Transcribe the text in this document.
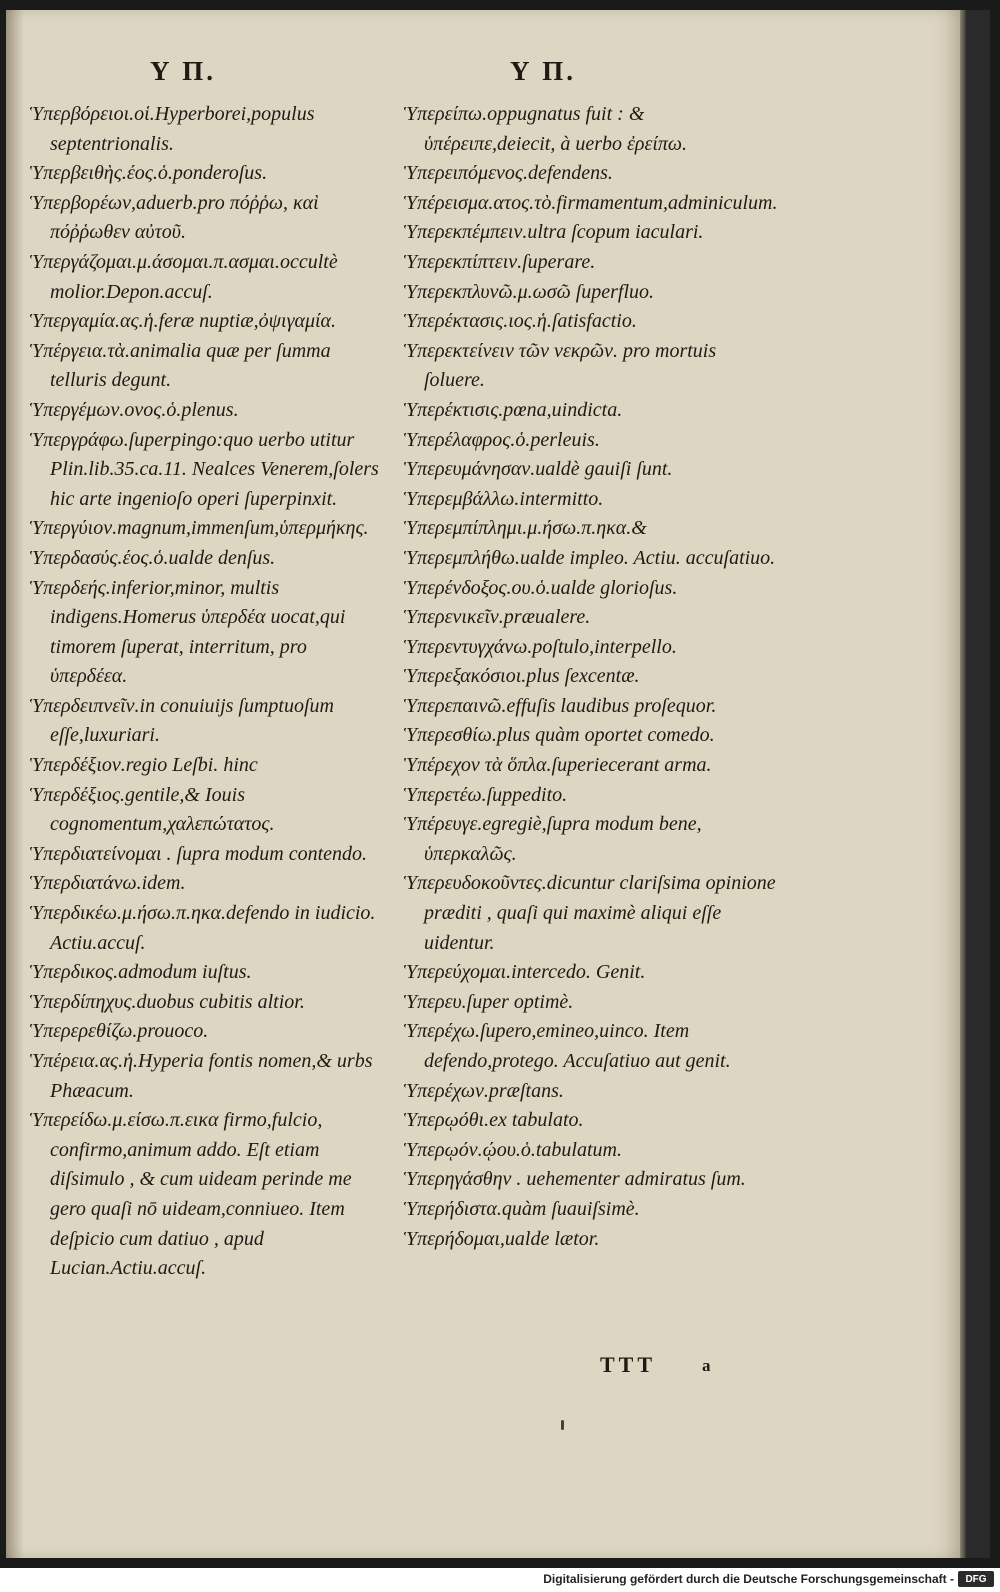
Υ Π.	Υ Π.
Ὑπερβόρειοι.οἱ.Hyperborei,populus septentrionalis.
Ὑπερβειθὴς.έος.ὁ.ponderoſus.
Ὑπερβορέων,aduerb.pro πόῤῥω, καὶ πόῤῥωθεν αὐτοῦ.
Ὑπεργάζομαι.μ.άσομαι.π.ασμαι.occultè molior.Depon.accuſ.
Ὑπεργαμία.ας.ἡ.feræ nuptiæ,ὀψιγαμία.
Ὑπέργεια.τὰ.animalia quæ per ſumma telluris degunt.
Ὑπεργέμων.ονος.ὁ.plenus.
Ὑπεργράφω.ſuperpingo:quo uerbo utitur Plin.lib.35.ca.11. Nealces Venerem,ſolers hic arte ingenioſo operi ſuperpinxit.
Ὑπεργύιον.magnum,immenſum,ὑπερμήκης.
Ὑπερδασύς.έος.ὁ.ualde denſus.
Ὑπερδεής.inferior,minor, multis indigens.Homerus ὑπερδέα uocat,qui timorem ſuperat, interritum, pro ὑπερδέεα.
Ὑπερδειπνεῖν.in conuiuijs ſumptuoſum eſſe,luxuriari.
Ὑπερδέξιον.regio Leſbi. hinc
Ὑπερδέξιος.gentile,& Iouis cognomentum,χαλεπώτατος.
Ὑπερδιατείνομαι . ſupra modum contendo.
Ὑπερδιατάνω.idem.
Ὑπερδικέω.μ.ήσω.π.ηκα.defendo in iudicio. Actiu.accuſ.
Ὑπερδικος.admodum iuſtus.
Ὑπερδίπηχυς.duobus cubitis altior.
Ὑπερερεθίζω.prouoco.
Ὑπέρεια.ας.ἡ.Hyperia fontis nomen,& urbs Phæacum.
Ὑπερείδω.μ.είσω.π.εικα firmo,fulcio, confirmo,animum addo. Eſt etiam diſsimulo , & cum uideam perinde me gero quaſi nō uideam,conniueo. Item deſpicio cum datiuo , apud Lucian.Actiu.accuſ.
Ὑπερείπω.oppugnatus fuit : & ὑπέρειπε,deiecit, à uerbo ἐρείπω.
Ὑπερειπόμενος.defendens.
Ὑπέρεισμα.ατος.τὸ.firmamentum,adminiculum.
Ὑπερεκπέμπειν.ultra ſcopum iaculari.
Ὑπερεκπίπτειν.ſuperare.
Ὑπερεκπλυνῶ.μ.ωσῶ ſuperfluo.
Ὑπερέκτασις.ιος.ἡ.ſatisfactio.
Ὑπερεκτείνειν τῶν νεκρῶν. pro mortuis ſoluere.
Ὑπερέκτισις.pœna,uindicta.
Ὑπερέλαφρος.ὁ.perleuis.
Ὑπερευμάνησαν.ualdè gauiſi ſunt.
Ὑπερεμβάλλω.intermitto.
Ὑπερεμπίπλημι.μ.ήσω.π.ηκα.&
Ὑπερεμπλήθω.ualde impleo. Actiu. accuſatiuo.
Ὑπερένδοξος.ου.ὁ.ualde glorioſus.
Ὑπερενικεῖν.præualere.
Ὑπερεντυγχάνω.poſtulo,interpello.
Ὑπερεξακόσιοι.plus ſexcentæ.
Ὑπερεπαινῶ.effuſis laudibus proſequor.
Ὑπερεσθίω.plus quàm oportet comedo.
Ὑπέρεχον τὰ ὅπλα.ſuperiecerant arma.
Ὑπερετέω.ſuppedito.
Ὑπέρευγε.egregiè,ſupra modum bene, ὑπερκαλῶς.
Ὑπερευδοκοῦντες.dicuntur clariſsima opinione præditi , quaſi qui maximè aliqui eſſe uidentur.
Ὑπερεύχομαι.intercedo. Genit.
Ὑπερευ.ſuper optimè.
Ὑπερέχω.ſupero,emineo,uinco. Item defendo,protego. Accuſatiuo aut genit.
Ὑπερέχων.præſtans.
Ὑπερῳόθι.ex tabulato.
Ὑπερῳόν.ῴου.ὁ.tabulatum.
Ὑπερηγάσθην . uehementer admiratus ſum.
Ὑπερήδιστα.quàm ſuauiſsimè.
Ὑπερήδομαι,ualde lætor.
TTT	a
Digitalisierung gefördert durch die Deutsche Forschungsgemeinschaft -	DFG
